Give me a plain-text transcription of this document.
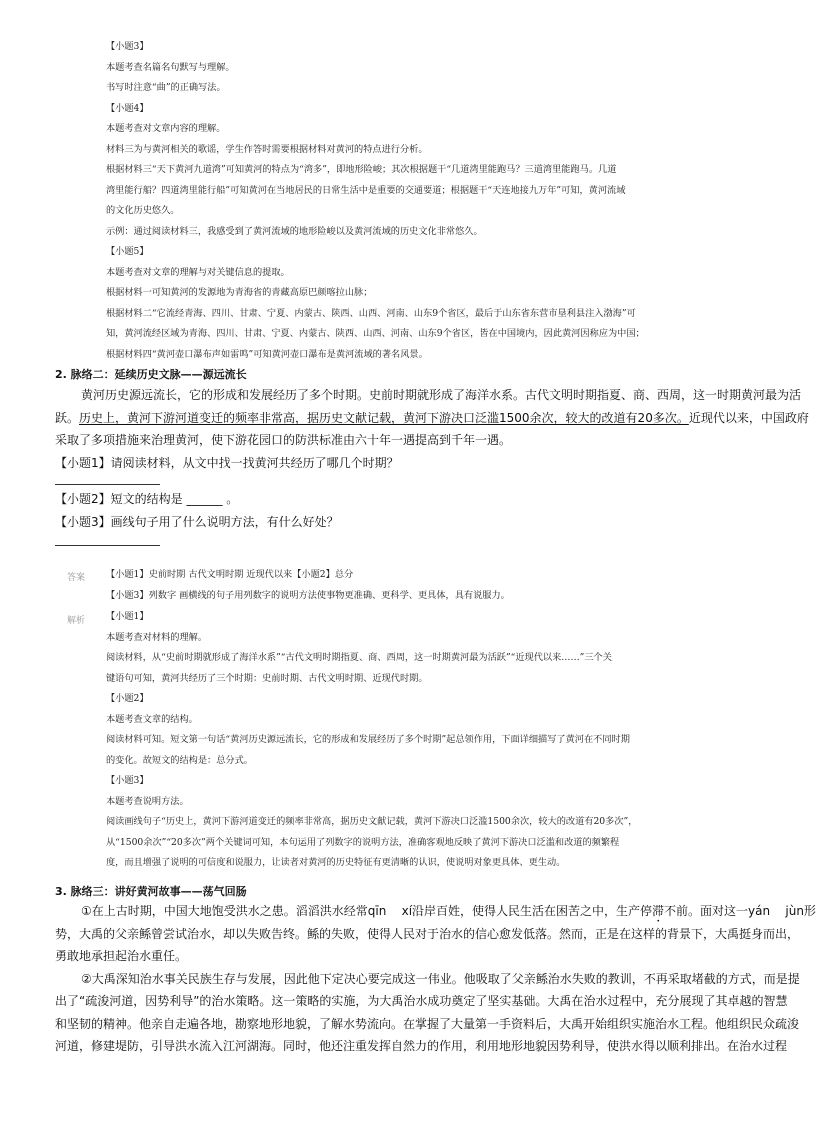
【小题3】
本题考查名篇名句默写与理解。
书写时注意“曲”的正确写法。
【小题4】
本题考查对文章内容的理解。
材料三为与黄河相关的歌谣，学生作答时需要根据材料对黄河的特点进行分析。
根据材料三“天下黄河九道湾”可知黄河的特点为“湾多”，即地形险峻；其次根据题干“几道湾里能跑马？三道湾里能跑马。几道
湾里能行船？四道湾里能行船”可知黄河在当地居民的日常生活中是重要的交通要道；根据题干“天连地接九万年”可知，黄河流域
的文化历史悠久。
示例：通过阅读材料三，我感受到了黄河流域的地形险峻以及黄河流域的历史文化非常悠久。
【小题5】
本题考查对文章的理解与对关键信息的提取。
根据材料一可知黄河的发源地为青海省的青藏高原巴颜喀拉山脉；
根据材料二“它流经青海、四川、甘肃、宁夏、内蒙古、陕西、山西、河南、山东9个省区，最后于山东省东营市垦利县注入渤海”可
知，黄河流经区域为青海、四川、甘肃、宁夏、内蒙古、陕西、山西、河南、山东9个省区，皆在中国境内，因此黄河因称应为中国；
根据材料四“黄河壶口瀑布声如雷鸣”可知黄河壶口瀑布是黄河流域的著名风景。
2. 脉络二：延续历史文脉——源远流长
黄河历史源远流长，它的形成和发展经历了多个时期。史前时期就形成了海洋水系。古代文明时期指夏、商、西周，这一时期黄河最为活
跃。历史上，黄河下游河道变迁的频率非常高，据历史文献记载，黄河下游决口泛滥1500余次，较大的改道有20多次。近现代以来，中国政府
采取了多项措施来治理黄河，使下游花园口的防洪标准由六十年一遇提高到千年一遇。
【小题1】请阅读材料，从文中找一找黄河共经历了哪几个时期？
【小题2】短文的结构是 ______ 。
【小题3】画线句子用了什么说明方法，有什么好处？
答案 【小题1】史前时期 古代文明时期 近现代以来【小题2】总分
【小题3】列数字 画横线的句子用列数字的说明方法使事物更准确、更科学、更具体，具有说服力。
解析 【小题1】
本题考查对材料的理解。
阅读材料，从“史前时期就形成了海洋水系”“古代文明时期指夏、商、西周，这一时期黄河最为活跃”“近现代以来……”三个关
键语句可知，黄河共经历了三个时期：史前时期、古代文明时期、近现代时期。
【小题2】
本题考查文章的结构。
阅读材料可知。短文第一句话“黄河历史源远流长，它的形成和发展经历了多个时期”起总领作用，下面详细描写了黄河在不同时期
的变化。故短文的结构是：总分式。
【小题3】
本题考查说明方法。
阅读画线句子“历史上，黄河下游河道变迁的频率非常高，据历史文献记载，黄河下游决口泛滥1500余次，较大的改道有20多次”，
从“1500余次”“20多次”两个关键词可知，本句运用了列数字的说明方法，准确客观地反映了黄河下游决口泛滥和改道的频繁程
度，而且增强了说明的可信度和说服力，让读者对黄河的历史特征有更清晰的认识，使说明对象更具体、更生动。
3. 脉络三：讲好黄河故事——荡气回肠
①在上古时期，中国大地饱受洪水之患。滔滔洪水经常qīn xí沿岸百姓，使得人民生活在困苦之中，生产停滞不前。面对这一yán jùn形
势，大禹的父亲鲧曾尝试治水，却以失败告终。鲧的失败，使得人民对于治水的信心愈发低落。然而，正是在这样的背景下，大禹挺身而出，
勇敢地承担起治水重任。
②大禹深知治水事关民族生存与发展，因此他下定决心要完成这一伟业。他吸取了父亲鲧治水失败的教训，不再采取堵截的方式，而是提
出了“疏浚河道，因势利导”的治水策略。这一策略的实施，为大禹治水成功奠定了坚实基础。大禹在治水过程中，充分展现了其卓越的智慧
和坚韧的精神。他亲自走遍各地，勘察地形地貌，了解水势流向。在掌握了大量第一手资料后，大禹开始组织实施治水工程。他组织民众疏浚
河道，修建堤防，引导洪水流入江河湖海。同时，他还注重发挥自然力的作用，利用地形地貌因势利导，使洪水得以顺利排出。在治水过程
